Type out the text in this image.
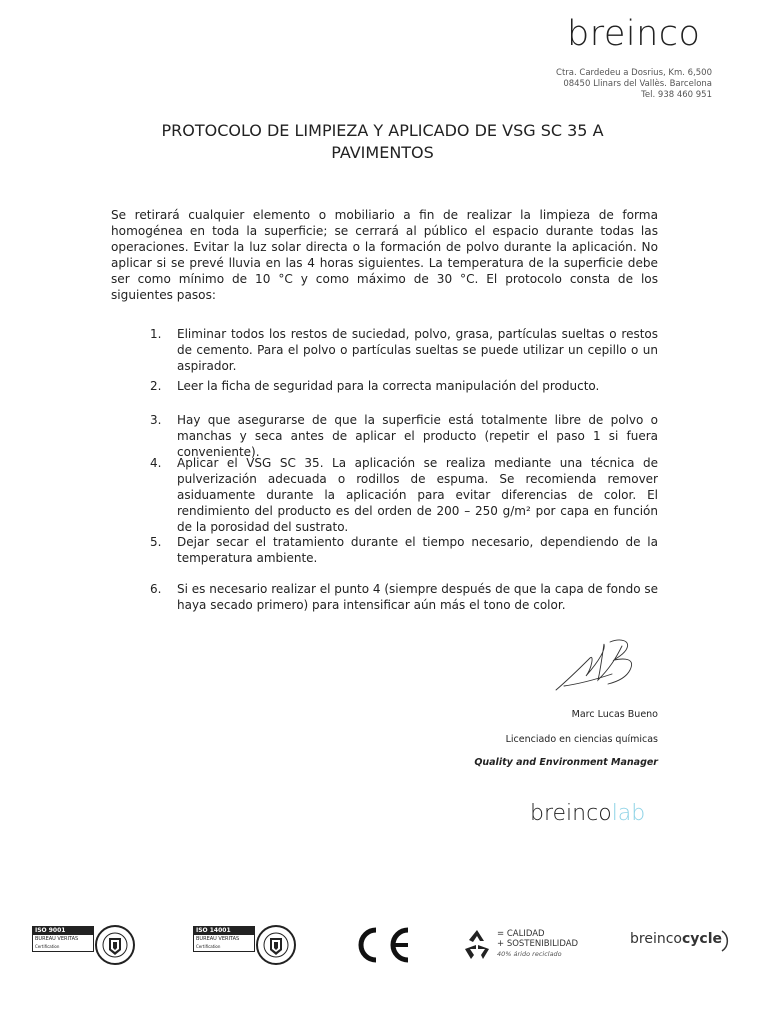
breinco
Ctra. Cardedeu a Dosrius, Km. 6,500
08450 Llinars del Vallès. Barcelona
Tel. 938 460 951
PROTOCOLO DE LIMPIEZA Y APLICADO DE VSG SC 35 A
PAVIMENTOS

Se retirará cualquier elemento o mobiliario a fin de realizar la limpieza de forma homogénea en toda la superficie; se cerrará al público el espacio durante todas las operaciones. Evitar la luz solar directa o la formación de polvo durante la aplicación. No aplicar si se prevé lluvia en las 4 horas siguientes. La temperatura de la superficie debe ser como mínimo de 10 °C y como máximo de 30 °C. El protocolo consta de los siguientes pasos:

1.	Eliminar todos los restos de suciedad, polvo, grasa, partículas sueltas o restos de cemento. Para el polvo o partículas sueltas se puede utilizar un cepillo o un aspirador.
2.	Leer la ficha de seguridad para la correcta manipulación del producto.
3.	Hay que asegurarse de que la superficie está totalmente libre de polvo o manchas y seca antes de aplicar el producto (repetir el paso 1 si fuera conveniente).
4.	Aplicar el VSG SC 35. La aplicación se realiza mediante una técnica de pulverización adecuada o rodillos de espuma. Se recomienda remover asiduamente durante la aplicación para evitar diferencias de color. El rendimiento del producto es del orden de 200 – 250 g/m² por capa en función de la porosidad del sustrato.
5.	Dejar secar el tratamiento durante el tiempo necesario, dependiendo de la temperatura ambiente.
6.	Si es necesario realizar el punto 4 (siempre después de que la capa de fondo se haya secado primero) para intensificar aún más el tono de color.
Marc Lucas Bueno
Licenciado en ciencias químicas
Quality and Environment Manager
breincolab
ISO 9001
BUREAU VERITAS
Certification
ISO 14001
BUREAU VERITAS
Certification
= CALIDAD
+ SOSTENIBILIDAD
40% árido reciclado
breincocycle
